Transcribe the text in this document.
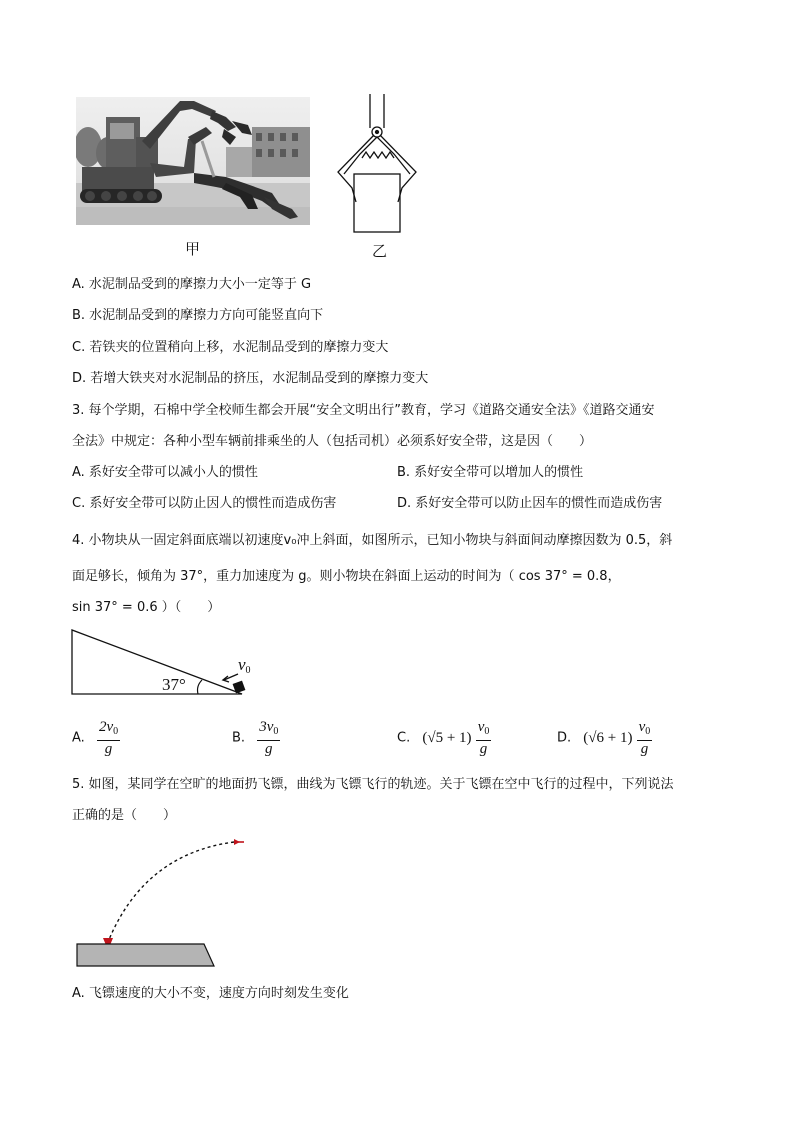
甲	乙
A. 水泥制品受到的摩擦力大小一定等于 G
B. 水泥制品受到的摩擦力方向可能竖直向下
C. 若铁夹的位置稍向上移，水泥制品受到的摩擦力变大
D. 若增大铁夹对水泥制品的挤压，水泥制品受到的摩擦力变大
3. 每个学期，石棉中学全校师生都会开展“安全文明出行”教育，学习《道路交通安全法》《道路交通安
全法》中规定：各种小型车辆前排乘坐的人（包括司机）必须系好安全带，这是因（　　）
A. 系好安全带可以减小人的惯性	B. 系好安全带可以增加人的惯性
C. 系好安全带可以防止因人的惯性而造成伤害	D. 系好安全带可以防止因车的惯性而造成伤害
4. 小物块从一固定斜面底端以初速度v₀冲上斜面，如图所示，已知小物块与斜面间动摩擦因数为 0.5，斜
面足够长，倾角为 37°，重力加速度为 g。则小物块在斜面上运动的时间为（ cos 37° = 0.8，
sin 37° = 0.6 ）（　　）
37°
$v_0$
A. $\frac{2v_0}{g}$	B. $\frac{3v_0}{g}$	C. $(√5 + 1) \frac{v_0}{g}$	D. $(√6 + 1) \frac{v_0}{g}$
5. 如图，某同学在空旷的地面扔飞镖，曲线为飞镖飞行的轨迹。关于飞镖在空中飞行的过程中，下列说法
正确的是（　　）
A. 飞镖速度的大小不变，速度方向时刻发生变化
